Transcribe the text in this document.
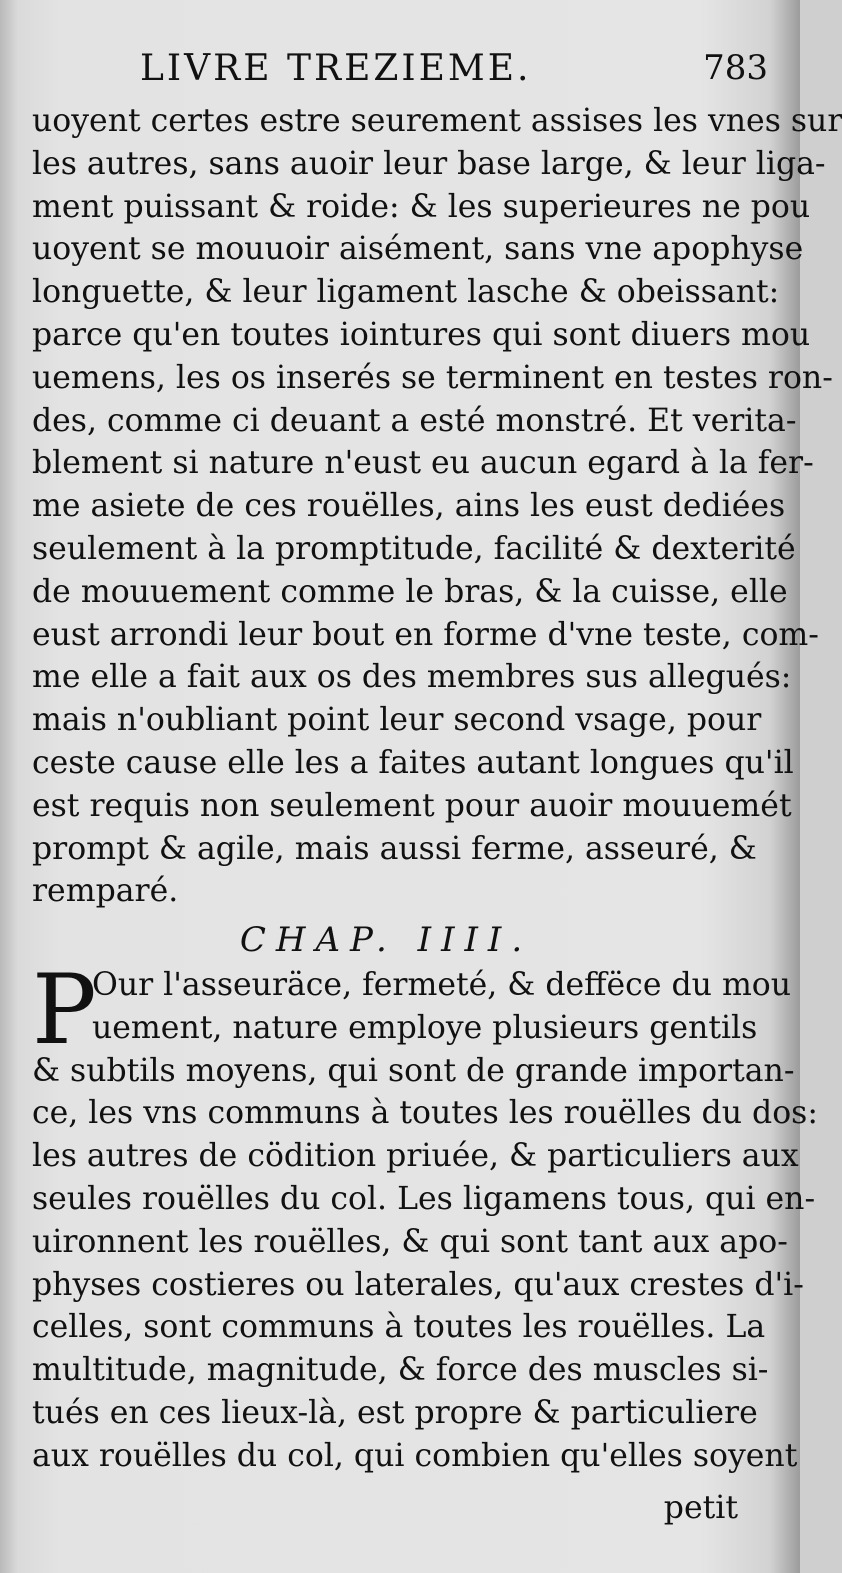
LIVRE TREZIEME.	783
uoyent certes estre seurement assises les vnes sur
les autres, sans auoir leur base large, & leur liga-
ment puissant & roide: & les superieures ne pou
uoyent se mouuoir aisément, sans vne apophyse
longuette, & leur ligament lasche & obeissant:
parce qu'en toutes iointures qui sont diuers mou
uemens, les os inserés se terminent en testes ron-
des, comme ci deuant a esté monstré. Et verita-
blement si nature n'eust eu aucun egard à la fer-
me asiete de ces rouëlles, ains les eust dediées
seulement à la promptitude, facilité & dexterité
de mouuement comme le bras, & la cuisse, elle
eust arrondi leur bout en forme d'vne teste, com-
me elle a fait aux os des membres sus allegués:
mais n'oubliant point leur second vsage, pour
ceste cause elle les a faites autant longues qu'il
est requis non seulement pour auoir mouuemét
prompt & agile, mais aussi ferme, asseuré, &
remparé.
CHAP. IIII.
P
Our l'asseuräce, fermeté, & deffëce du mou
uement, nature employe plusieurs gentils
& subtils moyens, qui sont de grande importan-
ce, les vns communs à toutes les rouëlles du dos:
les autres de cödition priuée, & particuliers aux
seules rouëlles du col. Les ligamens tous, qui en-
uironnent les rouëlles, & qui sont tant aux apo-
physes costieres ou laterales, qu'aux crestes d'i-
celles, sont communs à toutes les rouëlles. La
multitude, magnitude, & force des muscles si-
tués en ces lieux-là, est propre & particuliere
aux rouëlles du col, qui combien qu'elles soyent
petit
